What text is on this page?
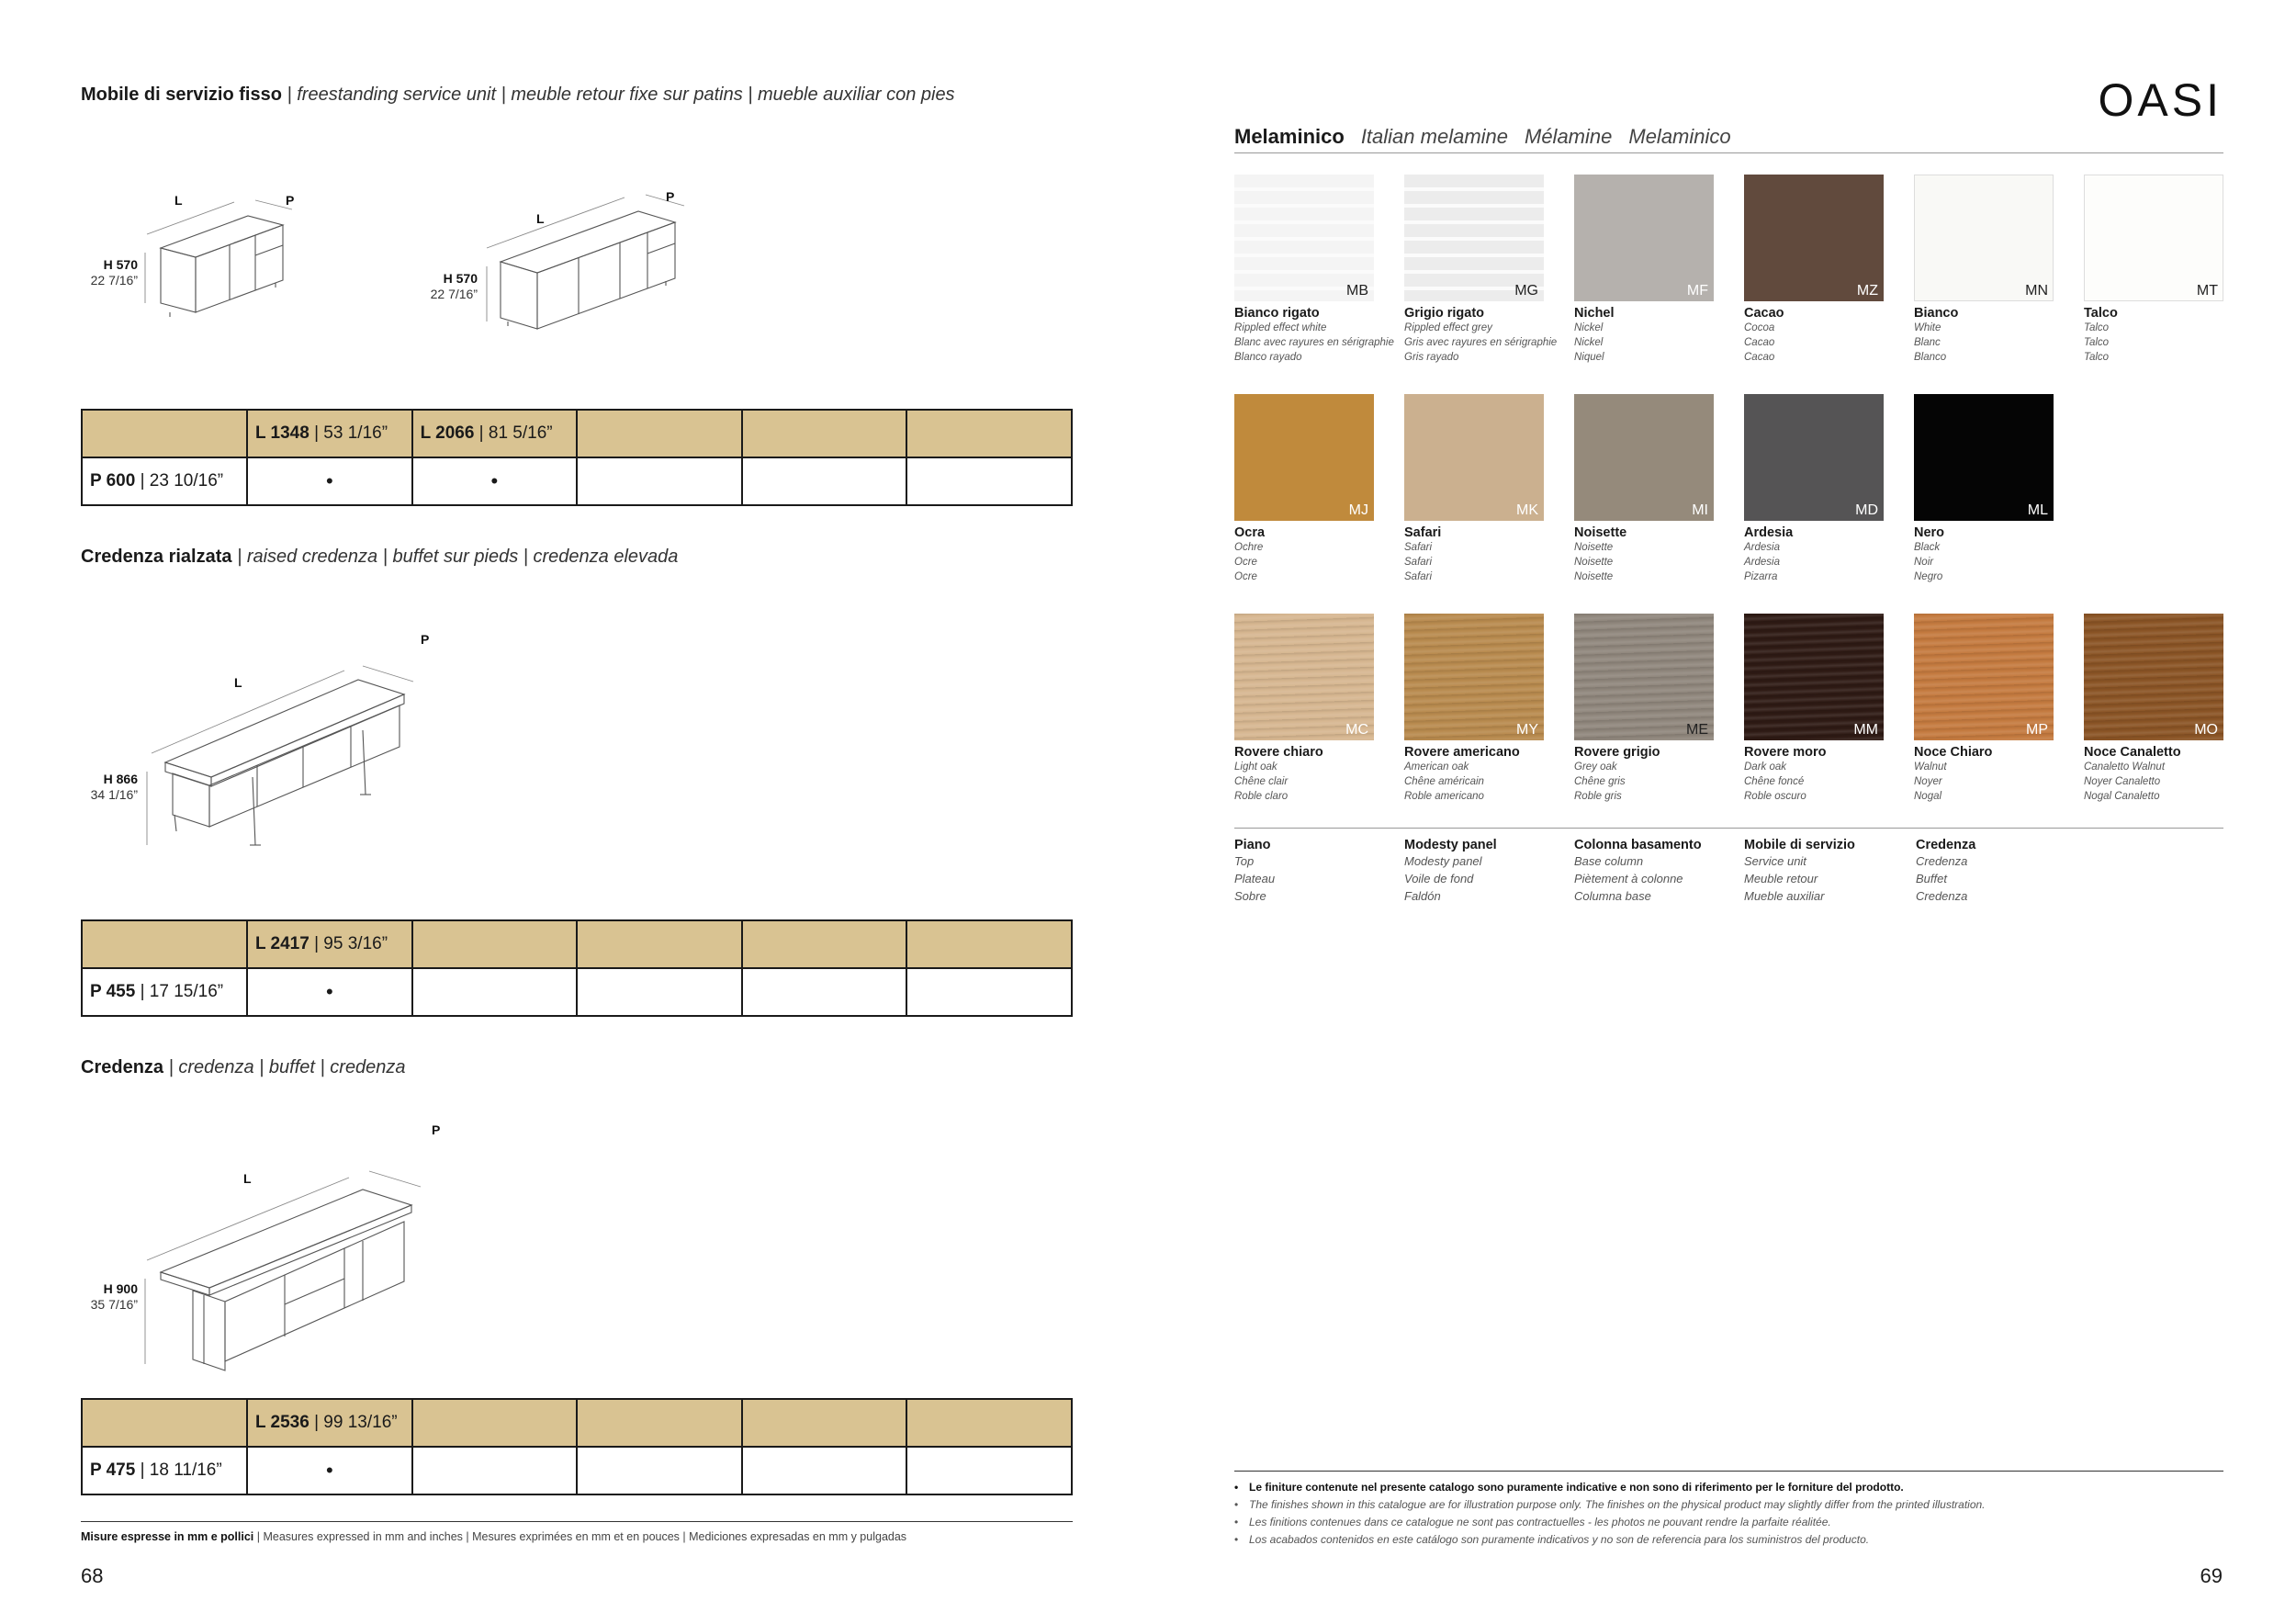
Mobile di servizio fisso | freestanding service unit | meuble retour fixe sur patins | mueble auxiliar con pies
L	P
H 570
22 7/16”
L
P
H 570
22 7/16”
	L 1348 | 53 1/16”	L 2066 | 81 5/16”			
P 600 | 23 10/16”	•	•			
Credenza rialzata | raised credenza | buffet sur pieds | credenza elevada
L
P
H 866
34 1/16”
	L 2417 | 95 3/16”				
P 455 | 17 15/16”	•				
Credenza | credenza | buffet | credenza
L
P
H 900
35 7/16”
	L 2536 | 99 13/16”				
P 475 | 18 11/16”	•				
Misure espresse in mm e pollici | Measures expressed in mm and inches | Mesures exprimées en mm et en pouces | Mediciones expresadas en mm y pulgadas
68
OASI
Melaminico Italian melamine Mélamine Melaminico
MB
Bianco rigato
Rippled effect white
Blanc avec rayures en sérigraphie
Blanco rayado
MG
Grigio rigato
Rippled effect grey
Gris avec rayures en sérigraphie
Gris rayado
MF
Nichel
Nickel
Nickel
Niquel
MZ
Cacao
Cocoa
Cacao
Cacao
MN
Bianco
White
Blanc
Blanco
MT
Talco
Talco
Talco
Talco
MJ
Ocra
Ochre
Ocre
Ocre
MK
Safari
Safari
Safari
Safari
MI
Noisette
Noisette
Noisette
Noisette
MD
Ardesia
Ardesia
Ardesia
Pizarra
ML
Nero
Black
Noir
Negro
MC
Rovere chiaro
Light oak
Chêne clair
Roble claro
MY
Rovere americano
American oak
Chêne américain
Roble americano
ME
Rovere grigio
Grey oak
Chêne gris
Roble gris
MM
Rovere moro
Dark oak
Chêne foncé
Roble oscuro
MP
Noce Chiaro
Walnut
Noyer
Nogal
MO
Noce Canaletto
Canaletto Walnut
Noyer Canaletto
Nogal Canaletto
Piano
Top
Plateau
Sobre
Modesty panel
Modesty panel
Voile de fond
Faldón
Colonna basamento
Base column
Piètement à colonne
Columna base
Mobile di servizio
Service unit
Meuble retour
Mueble auxiliar
Credenza
Credenza
Buffet
Credenza
• Le finiture contenute nel presente catalogo sono puramente indicative e non sono di riferimento per le forniture del prodotto.
• The finishes shown in this catalogue are for illustration purpose only. The finishes on the physical product may slightly differ from the printed illustration.
• Les finitions contenues dans ce catalogue ne sont pas contractuelles - les photos ne pouvant rendre la parfaite réalitée.
• Los acabados contenidos en este catálogo son puramente indicativos y no son de referencia para los suministros del producto.
69
